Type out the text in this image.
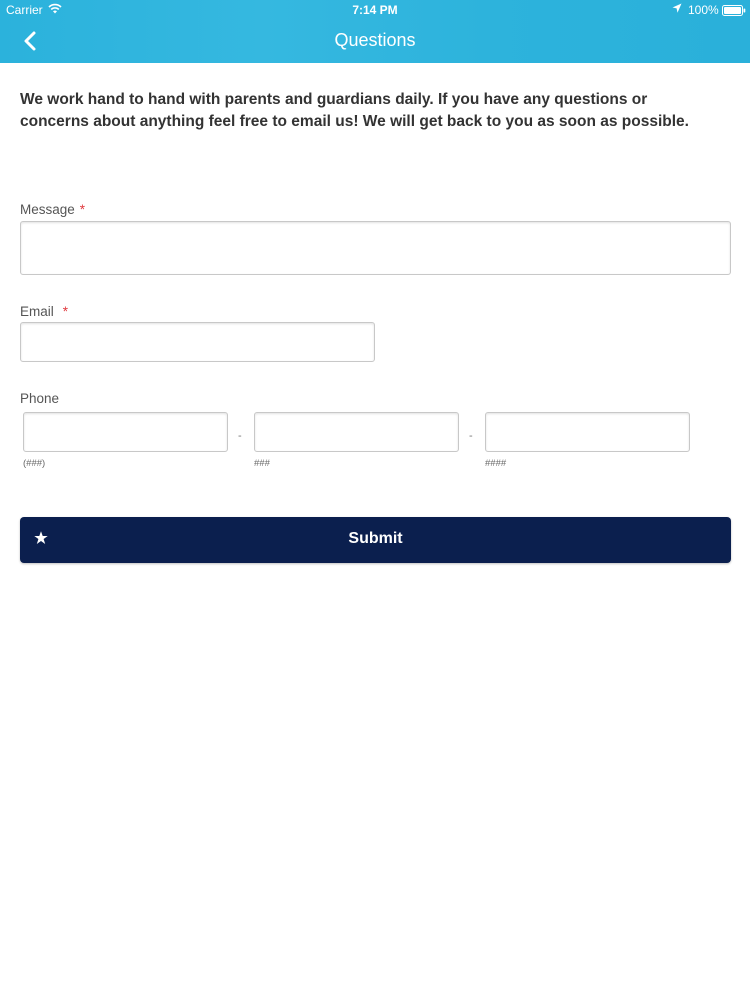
Carrier	7:14 PM	100%
Questions

We work hand to hand with parents and guardians daily. If you have any questions or concerns about anything feel free to email us! We will get back to you as soon as possible.

Message *
Email *
Phone
-	-
(###)	###	####
Submit
